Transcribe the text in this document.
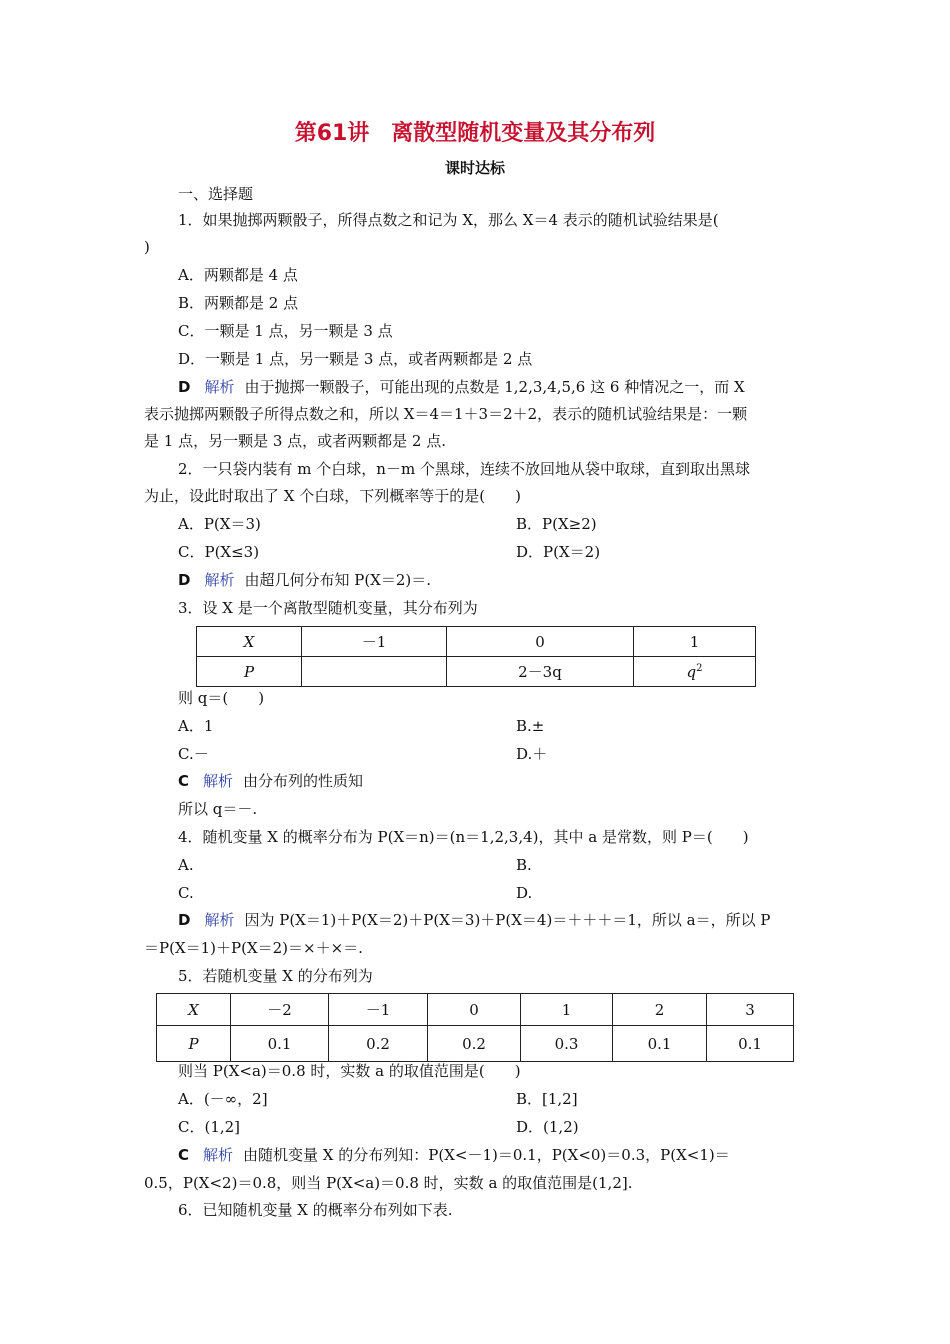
第61讲　离散型随机变量及其分布列
课时达标
一、选择题
1．如果抛掷两颗骰子，所得点数之和记为 X，那么 X＝4 表示的随机试验结果是(
)
A．两颗都是 4 点
B．两颗都是 2 点
C．一颗是 1 点，另一颗是 3 点
D．一颗是 1 点，另一颗是 3 点，或者两颗都是 2 点
D 解析 由于抛掷一颗骰子，可能出现的点数是 1,2,3,4,5,6 这 6 种情况之一，而 X
表示抛掷两颗骰子所得点数之和，所以 X＝4＝1＋3＝2＋2，表示的随机试验结果是：一颗
是 1 点，另一颗是 3 点，或者两颗都是 2 点.
2．一只袋内装有 m 个白球，n－m 个黑球，连续不放回地从袋中取球，直到取出黑球
为止，设此时取出了 X 个白球，下列概率等于的是(　　)
A．P(X＝3)	B．P(X≥2)
C．P(X≤3)	D．P(X＝2)
D 解析 由超几何分布知 P(X＝2)＝.
3．设 X 是一个离散型随机变量，其分布列为
X	－1	0	1
P		2－3q	$q^2$
则 q＝(　　)
A．1	B.±
C.－	D.＋
C 解析 由分布列的性质知
所以 q＝－.
4．随机变量 X 的概率分布为 P(X＝n)＝(n＝1,2,3,4)，其中 a 是常数，则 P＝(　　)
A.	B.
C.	D.
D 解析 因为 P(X＝1)＋P(X＝2)＋P(X＝3)＋P(X＝4)＝＋＋＋＝1，所以 a＝，所以 P
＝P(X＝1)＋P(X＝2)＝×＋×＝.
5．若随机变量 X 的分布列为
X	－2	－1	0	1	2	3
P	0.1	0.2	0.2	0.3	0.1	0.1
则当 P(X<a)＝0.8 时，实数 a 的取值范围是(　　)
A．(－∞，2]	B．[1,2]
C．(1,2]	D．(1,2)
C 解析 由随机变量 X 的分布列知：P(X<－1)＝0.1，P(X<0)＝0.3，P(X<1)＝
0.5，P(X<2)＝0.8，则当 P(X<a)＝0.8 时，实数 a 的取值范围是(1,2].
6．已知随机变量 X 的概率分布列如下表.
